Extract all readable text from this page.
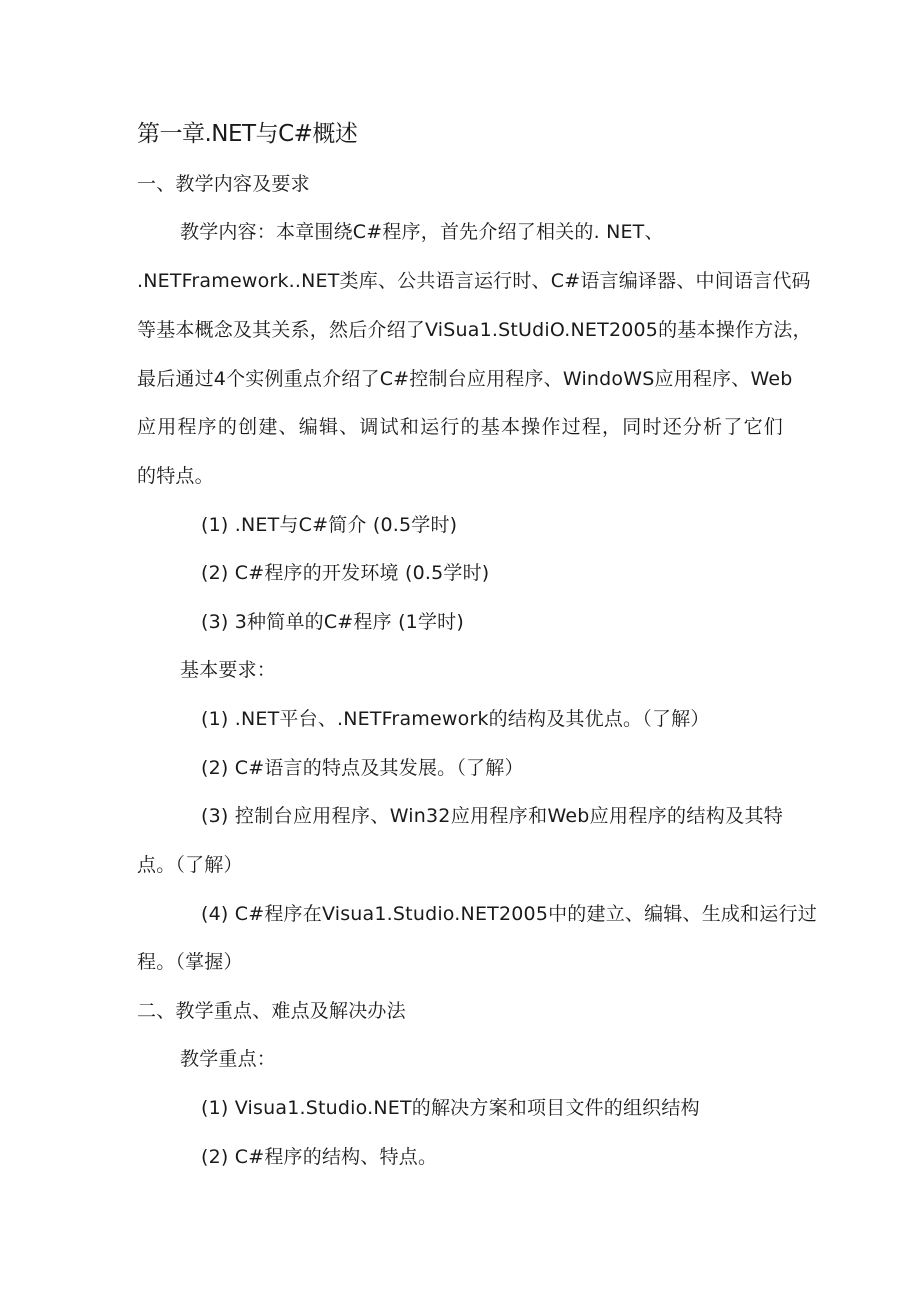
第一章.NET与C#概述
一、教学内容及要求
教学内容：本章围绕C#程序，首先介绍了相关的. NET、
.NETFramework..NET类库、公共语言运行时、C#语言编译器、中间语言代码
等基本概念及其关系，然后介绍了ViSua1.StUdiO.NET2005的基本操作方法，
最后通过4个实例重点介绍了C#控制台应用程序、WindoWS应用程序、Web
应用程序的创建、编辑、调试和运行的基本操作过程，同时还分析了它们
的特点。
(1) .NET与C#简介 (0.5学时)
(2) C#程序的开发环境 (0.5学时)
(3) 3种简单的C#程序 (1学时)
基本要求：
(1) .NET平台、.NETFramework的结构及其优点。（了解）
(2) C#语言的特点及其发展。（了解）
(3) 控制台应用程序、Win32应用程序和Web应用程序的结构及其特
点。（了解）
(4) C#程序在Visua1.Studio.NET2005中的建立、编辑、生成和运行过
程。（掌握）
二、教学重点、难点及解决办法
教学重点：
(1) Visua1.Studio.NET的解决方案和项目文件的组织结构
(2) C#程序的结构、特点。
